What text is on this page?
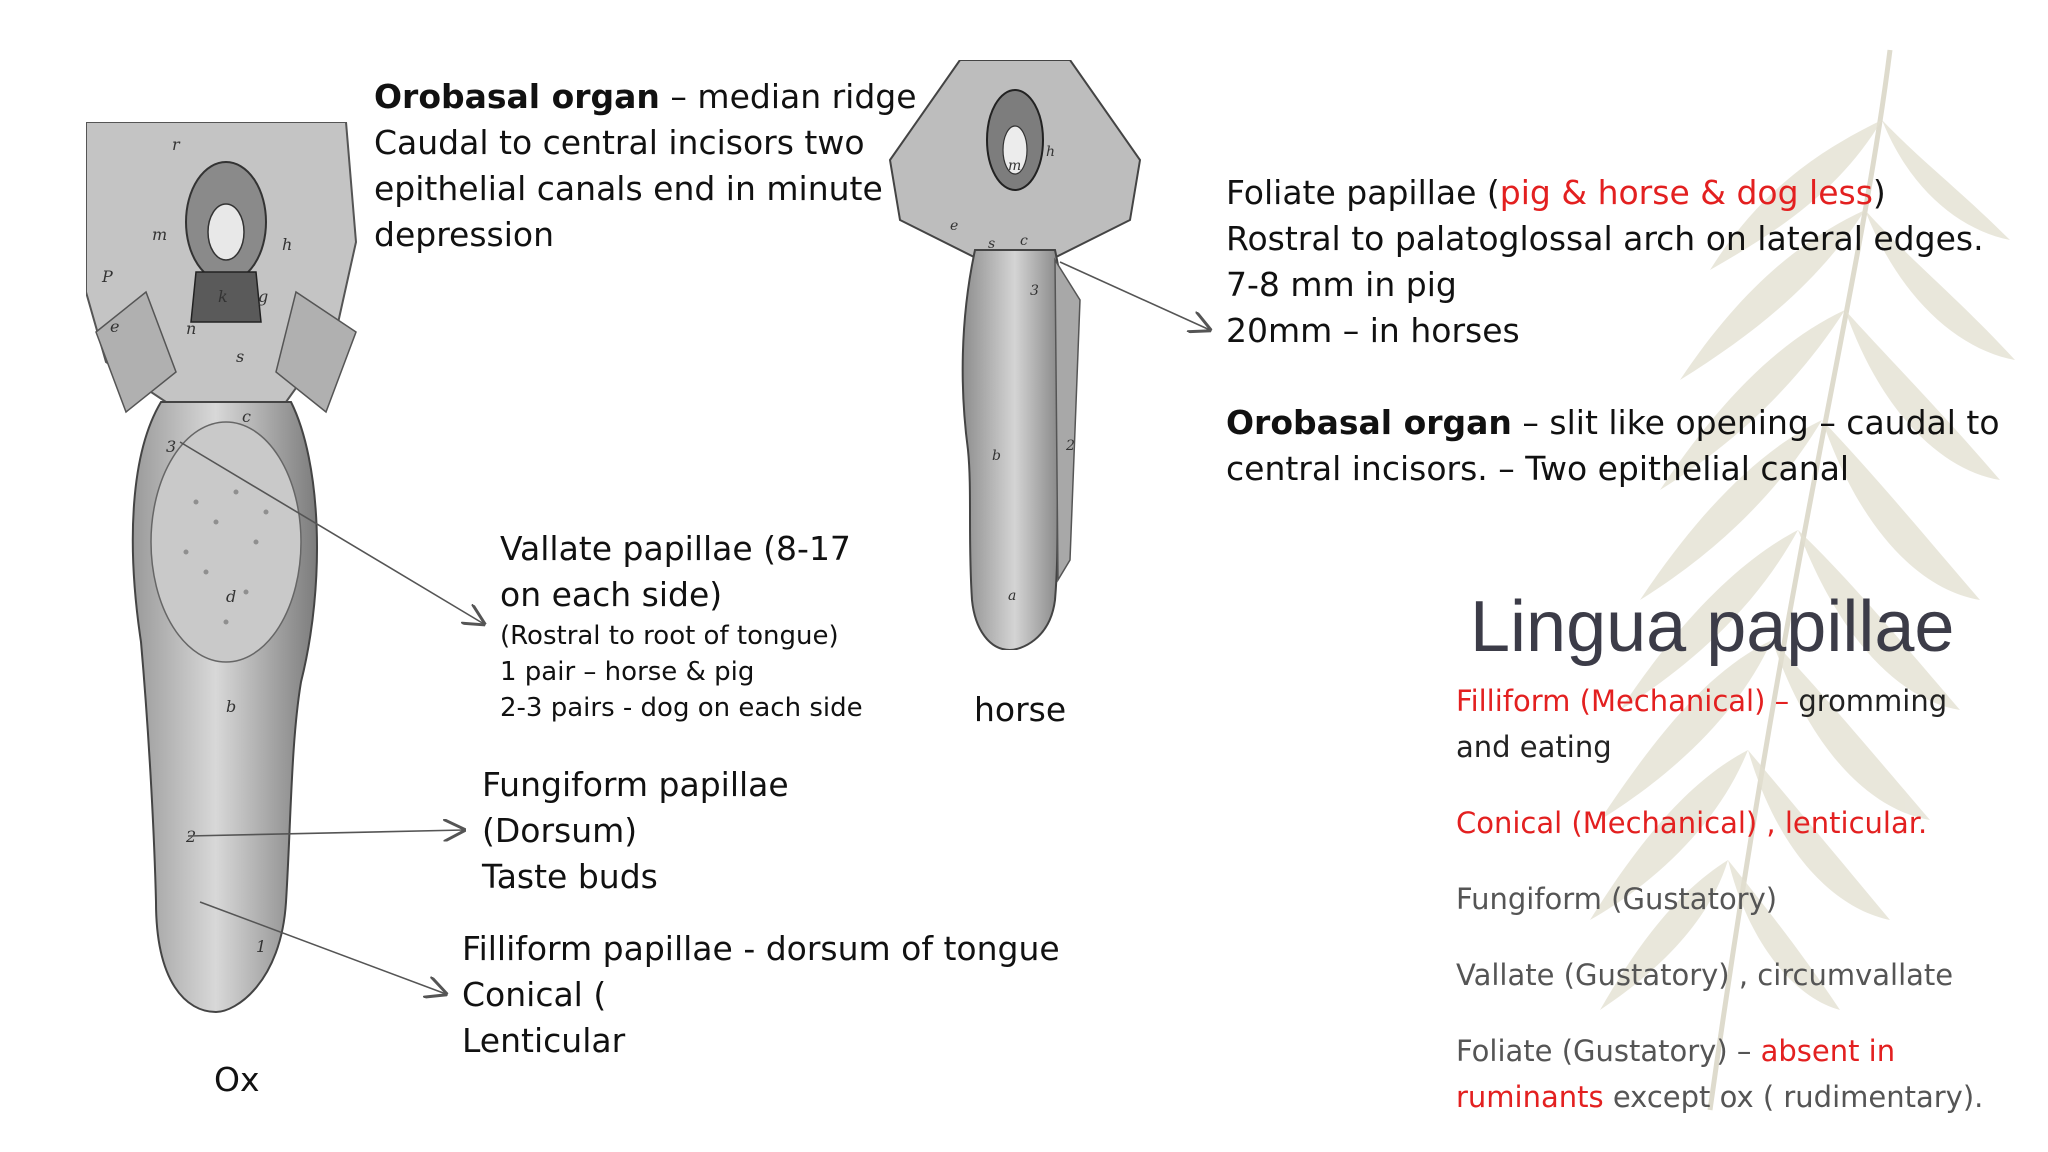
r
h
P
m
k g
e	n
s
c
3
d
b
2
1
m
h
e
c
s
3
b
2
a
Orobasal organ – median ridge
Caudal to central incisors two
epithelial canals end in minute
depression
Vallate papillae (8-17
on each side)
(Rostral to root of tongue)
1 pair – horse & pig
2-3 pairs - dog on each side
Fungiform papillae
(Dorsum)
Taste buds
Filliform papillae - dorsum of tongue
Conical (
Lenticular
Ox
horse
Foliate papillae (pig & horse & dog less)
Rostral to palatoglossal arch on lateral edges.
7-8 mm in pig
20mm – in horses

Orobasal organ – slit like opening – caudal to
central incisors. – Two epithelial canal
Lingua papillae
Filliform (Mechanical) – gromming
and eating
Conical (Mechanical) , lenticular.
Fungiform (Gustatory)
Vallate (Gustatory) , circumvallate
Foliate (Gustatory) – absent in
ruminants except ox ( rudimentary).
